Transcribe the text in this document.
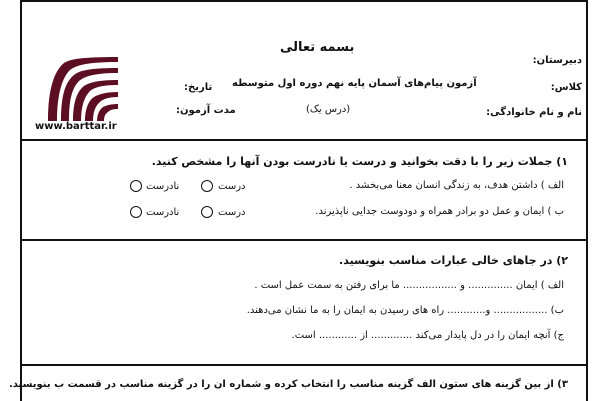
بسمه تعالی
دبیرستان:
کلاس:
نام و نام خانوادگی:
آزمون پیام‌های آسمان پایه نهم دوره اول متوسطه
(درس یک)
تاریخ:
مدت آزمون:
www.barttar.ir
۱) جملات زیر را با دقت بخوانید و درست یا نادرست بودن آنها را مشخص کنید.
الف ) داشتن هدف، به زندگی انسان معنا می‌بخشد .
درست
نادرست
ب ) ایمان و عمل دو برادر همراه و دودوست جدایی ناپذیرند.
درست
نادرست
۲) در جاهای خالی عبارات مناسب بنویسید.
الف ) ایمان .............. و ................. ما برای رفتن به سمت عمل است .
ب) ................. و............ راه های رسیدن به ایمان را به ما نشان می‌دهند.
ج) آنچه ایمان را در دل پایدار می‌کند ............. از ............ است.
۳) از بین گزینه های ستون الف گزینه مناسب را انتخاب کرده و شماره ان را در گزینه مناسب در قسمت ب بنویسید.
